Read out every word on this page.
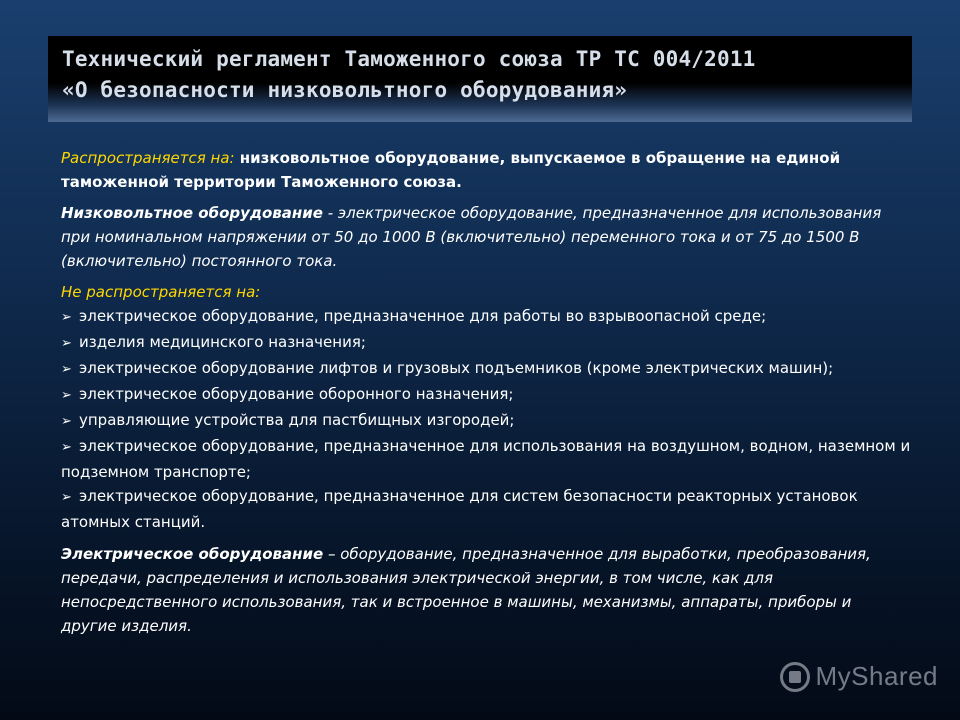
Технический регламент Таможенного союза ТР ТС 004/2011
«О безопасности низковольтного оборудования»

Распространяется на: низковольтное оборудование, выпускаемое в обращение на единой таможенной территории Таможенного союза.

Низковольтное оборудование - электрическое оборудование, предназначенное для использования при номинальном напряжении от 50 до 1000 В (включительно) переменного тока и от 75 до 1500 В (включительно) постоянного тока.

Не распространяется на:

➢ электрическое оборудование, предназначенное для работы во взрывоопасной среде;
➢ изделия медицинского назначения;
➢ электрическое оборудование лифтов и грузовых подъемников (кроме электрических машин);
➢ электрическое оборудование оборонного назначения;
➢ управляющие устройства для пастбищных изгородей;
➢ электрическое оборудование, предназначенное для использования на воздушном, водном, наземном и подземном транспорте;
➢ электрическое оборудование, предназначенное для систем безопасности реакторных установок атомных станций.

Электрическое оборудование – оборудование, предназначенное для выработки, преобразования, передачи, распределения и использования электрической энергии, в том числе, как для непосредственного использования, так и встроенное в машины, механизмы, аппараты, приборы и другие изделия.

MyShared
